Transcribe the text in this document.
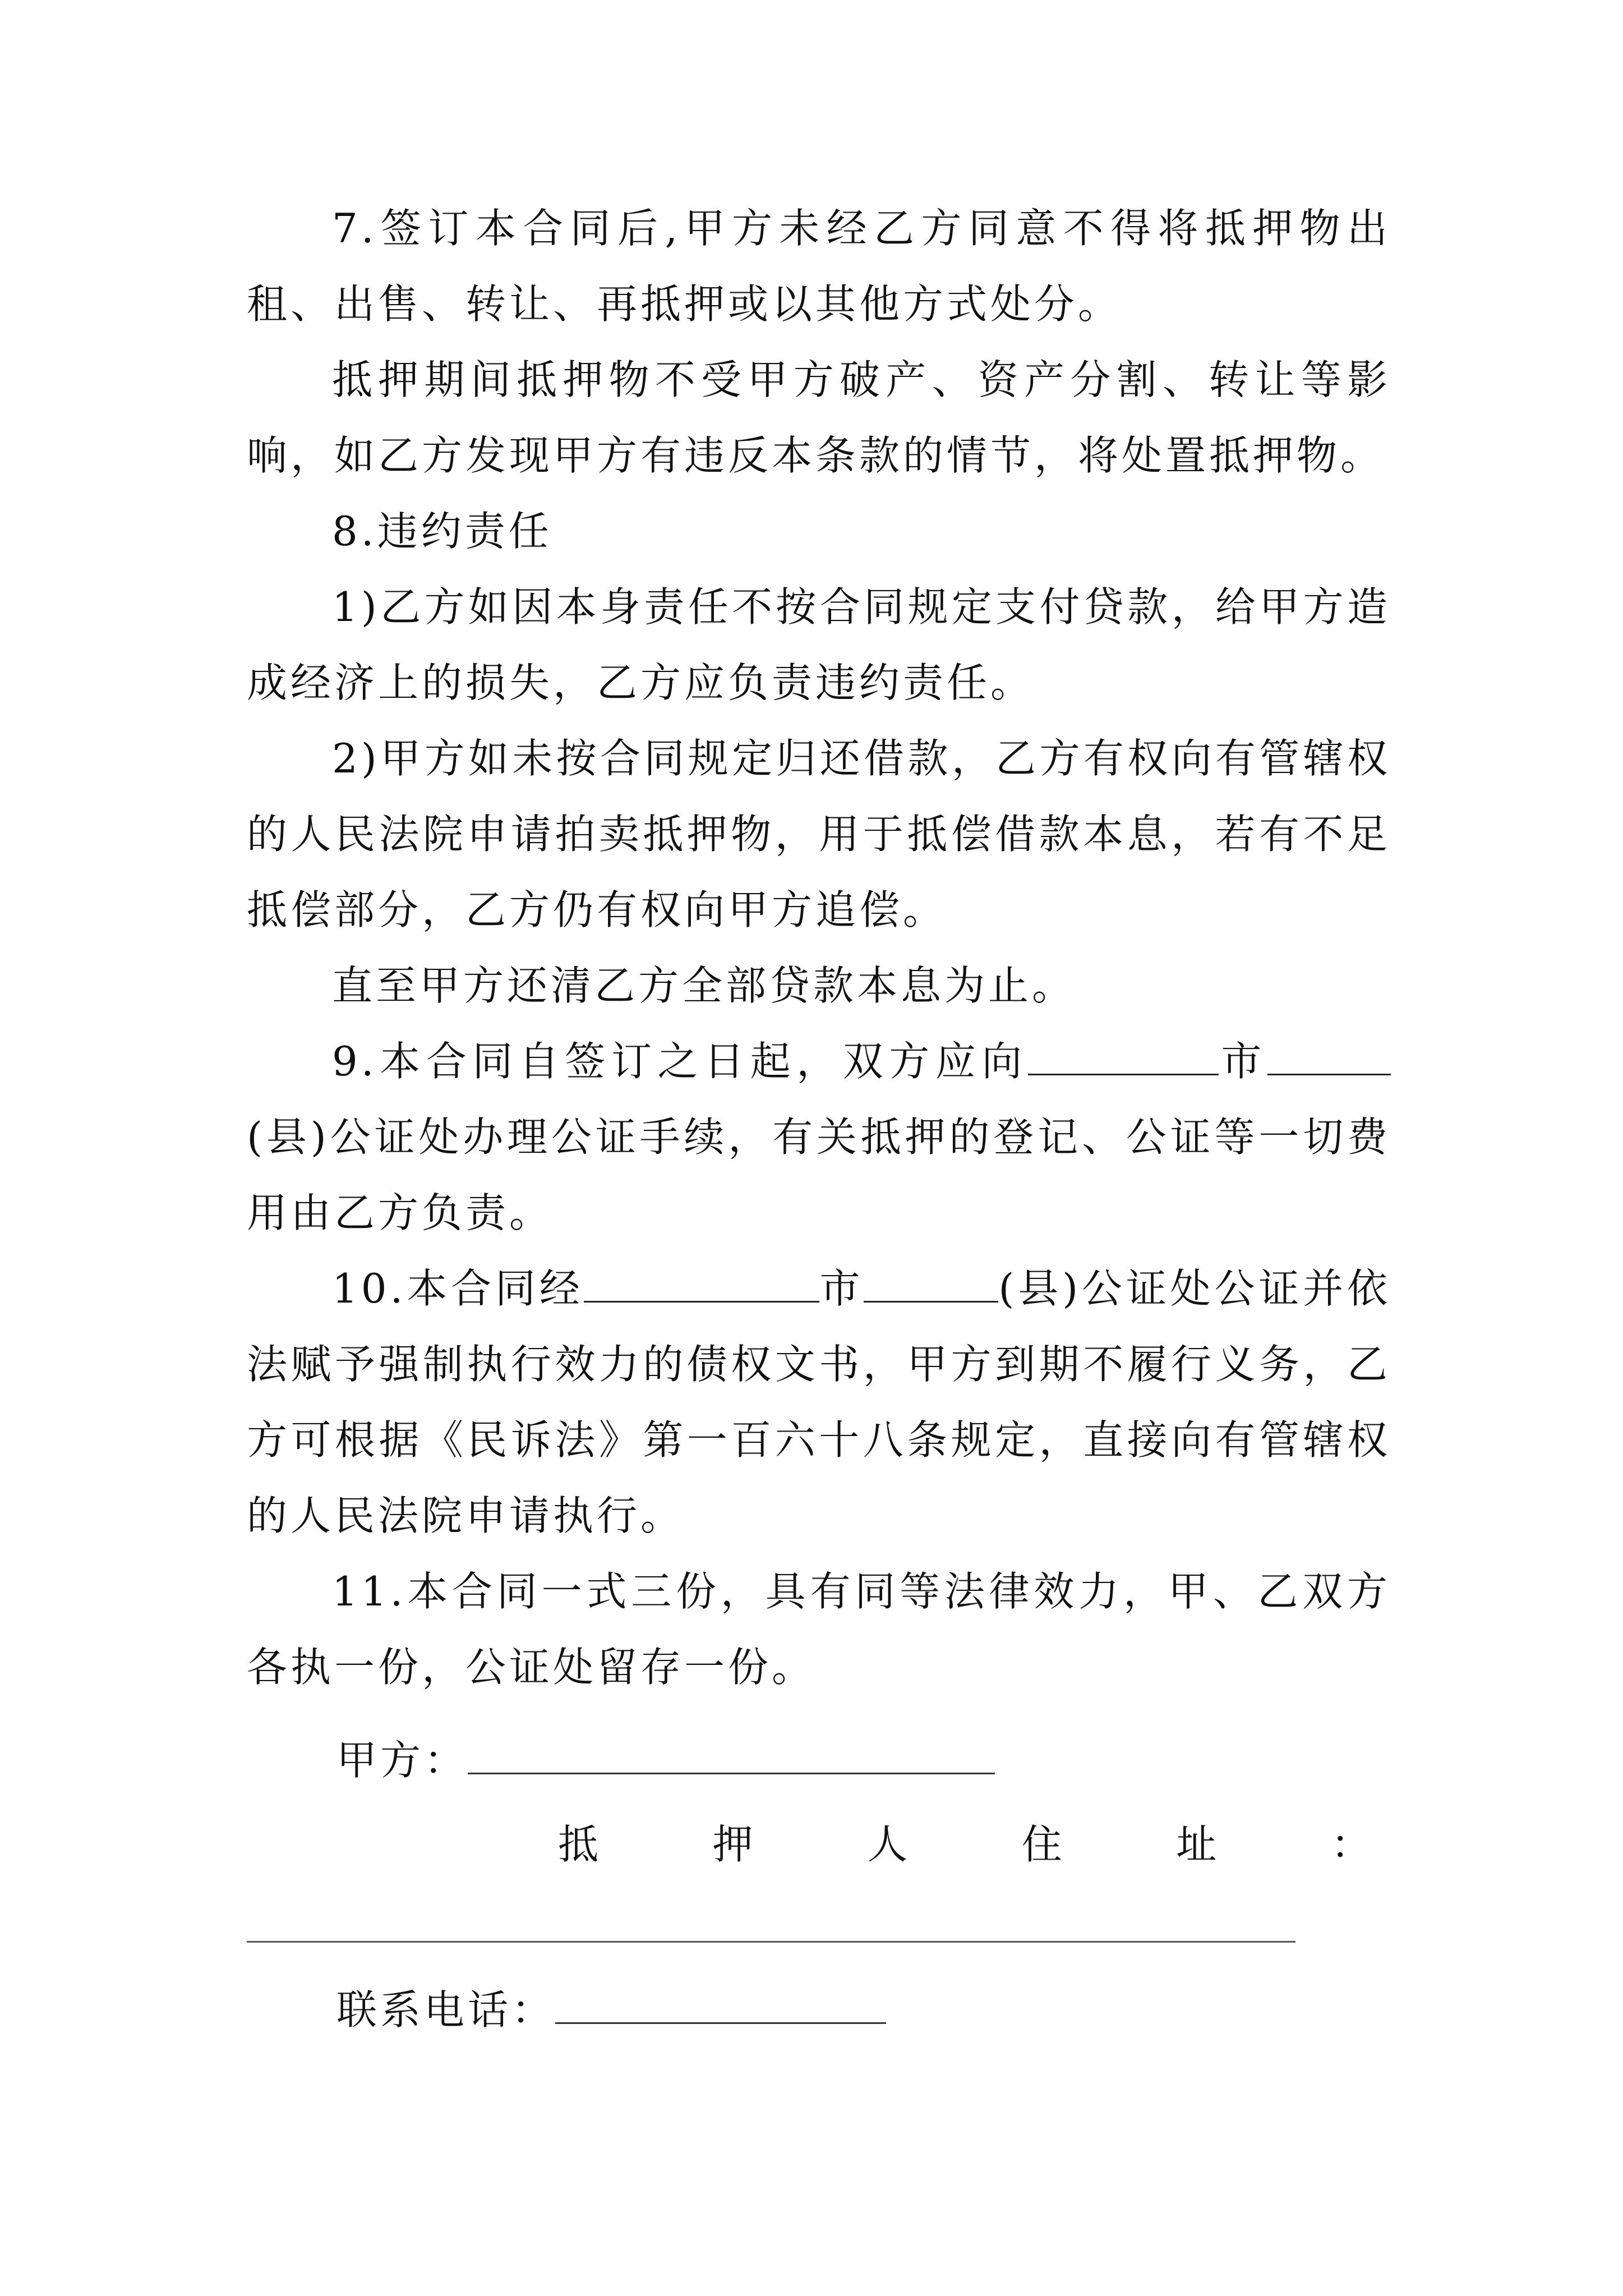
7.签订本合同后,甲方未经乙方同意不得将抵押物出租、出售、转让、再抵押或以其他方式处分。

抵押期间抵押物不受甲方破产、资产分割、转让等影响，如乙方发现甲方有违反本条款的情节，将处置抵押物。

8.违约责任

1)乙方如因本身责任不按合同规定支付贷款，给甲方造成经济上的损失，乙方应负责违约责任。

2)甲方如未按合同规定归还借款，乙方有权向有管辖权的人民法院申请拍卖抵押物，用于抵偿借款本息，若有不足抵偿部分，乙方仍有权向甲方追偿。

直至甲方还清乙方全部贷款本息为止。

9.本合同自签订之日起，双方应向	市(县)公证处办理公证手续，有关抵押的登记、公证等一切费用由乙方负责。

10.本合同经	市	(县)公证处公证并依法赋予强制执行效力的债权文书，甲方到期不履行义务，乙方可根据《民诉法》第一百六十八条规定，直接向有管辖权的人民法院申请执行。

11.本合同一式三份，具有同等法律效力，甲、乙双方各执一份，公证处留存一份。

甲方：
抵	押	人	住	址	：
联系电话：
